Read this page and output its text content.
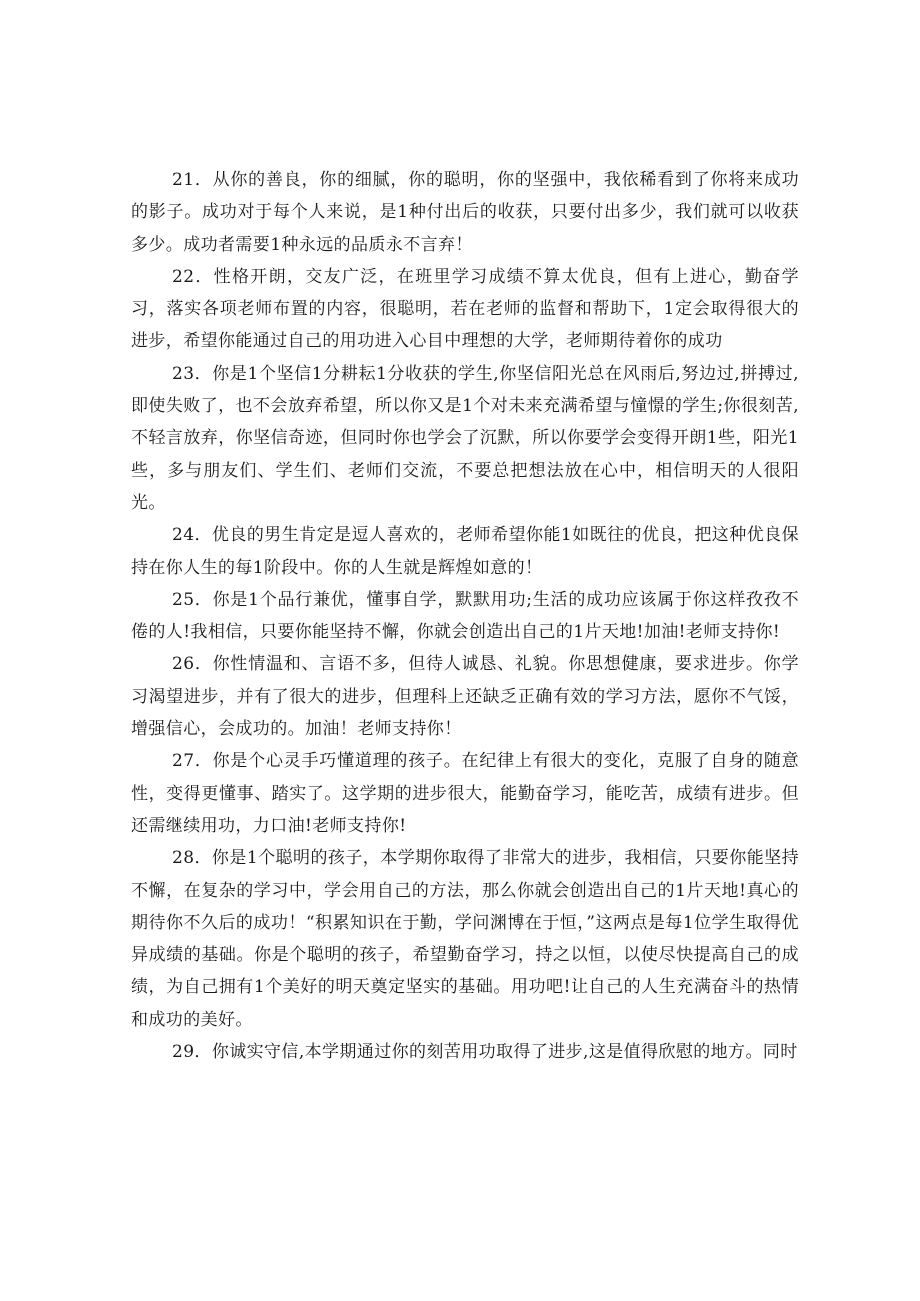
21．从你的善良，你的细腻，你的聪明，你的坚强中，我依稀看到了你将来成功的影子。成功对于每个人来说，是1种付出后的收获，只要付出多少，我们就可以收获多少。成功者需要1种永远的品质永不言弃！

22．性格开朗，交友广泛，在班里学习成绩不算太优良，但有上进心，勤奋学习，落实各项老师布置的内容，很聪明，若在老师的监督和帮助下，1定会取得很大的进步，希望你能通过自己的用功进入心目中理想的大学，老师期待着你的成功

23．你是1个坚信1分耕耘1分收获的学生,你坚信阳光总在风雨后,努边过,拼搏过,即使失败了，也不会放弃希望，所以你又是1个对未来充满希望与憧憬的学生;你很刻苦,不轻言放弃，你坚信奇迹，但同时你也学会了沉默，所以你要学会变得开朗1些，阳光1些，多与朋友们、学生们、老师们交流，不要总把想法放在心中，相信明天的人很阳光。

24．优良的男生肯定是逗人喜欢的，老师希望你能1如既往的优良，把这种优良保持在你人生的每1阶段中。你的人生就是辉煌如意的！

25．你是1个品行兼优，懂事自学，默默用功;生活的成功应该属于你这样孜孜不倦的人!我相信，只要你能坚持不懈，你就会创造出自己的1片天地!加油!老师支持你!

26．你性情温和、言语不多，但待人诚恳、礼貌。你思想健康，要求进步。你学习渴望进步，并有了很大的进步，但理科上还缺乏正确有效的学习方法，愿你不气馁，增强信心，会成功的。加油！老师支持你！

27．你是个心灵手巧懂道理的孩子。在纪律上有很大的变化，克服了自身的随意性，变得更懂事、踏实了。这学期的进步很大，能勤奋学习，能吃苦，成绩有进步。但还需继续用功，力口油!老师支持你!

28．你是1个聪明的孩子，本学期你取得了非常大的进步，我相信，只要你能坚持不懈，在复杂的学习中，学会用自己的方法，那么你就会创造出自己的1片天地!真心的期待你不久后的成功！“积累知识在于勤，学问渊博在于恒，”这两点是每1位学生取得优异成绩的基础。你是个聪明的孩子，希望勤奋学习，持之以恒，以使尽快提高自己的成绩，为自己拥有1个美好的明天奠定坚实的基础。用功吧!让自己的人生充满奋斗的热情和成功的美好。

29．你诚实守信,本学期通过你的刻苦用功取得了进步,这是值得欣慰的地方。同时
